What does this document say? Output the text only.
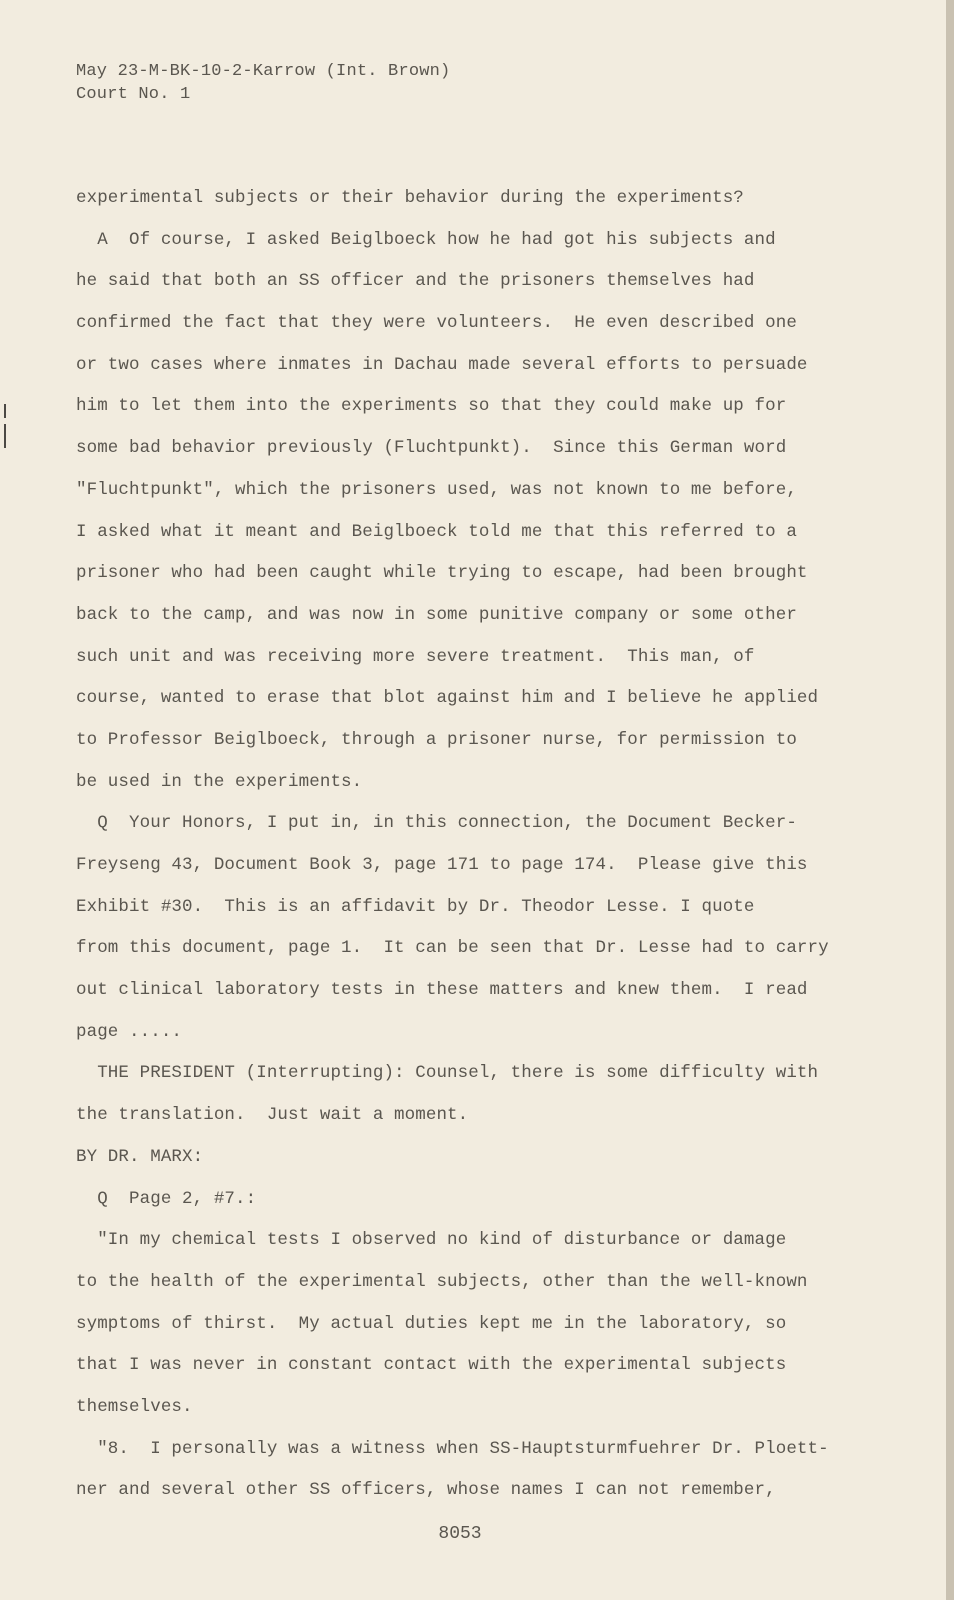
May 23-M-BK-10-2-Karrow (Int. Brown)
Court No. 1
experimental subjects or their behavior during the experiments?
A  Of course, I asked Beiglboeck how he had got his subjects and
he said that both an SS officer and the prisoners themselves had
confirmed the fact that they were volunteers.  He even described one
or two cases where inmates in Dachau made several efforts to persuade
him to let them into the experiments so that they could make up for
some bad behavior previously (Fluchtpunkt).  Since this German word
"Fluchtpunkt", which the prisoners used, was not known to me before,
I asked what it meant and Beiglboeck told me that this referred to a
prisoner who had been caught while trying to escape, had been brought
back to the camp, and was now in some punitive company or some other
such unit and was receiving more severe treatment.  This man, of
course, wanted to erase that blot against him and I believe he applied
to Professor Beiglboeck, through a prisoner nurse, for permission to
be used in the experiments.
Q  Your Honors, I put in, in this connection, the Document Becker-
Freyseng 43, Document Book 3, page 171 to page 174.  Please give this
Exhibit #30.  This is an affidavit by Dr. Theodor Lesse. I quote
from this document, page 1.  It can be seen that Dr. Lesse had to carry
out clinical laboratory tests in these matters and knew them.  I read
page .....
THE PRESIDENT (Interrupting): Counsel, there is some difficulty with
the translation.  Just wait a moment.
BY DR. MARX:
Q  Page 2, #7.:
"In my chemical tests I observed no kind of disturbance or damage
to the health of the experimental subjects, other than the well-known
symptoms of thirst.  My actual duties kept me in the laboratory, so
that I was never in constant contact with the experimental subjects
themselves.
"8.  I personally was a witness when SS-Hauptsturmfuehrer Dr. Ploett-
ner and several other SS officers, whose names I can not remember,
8053
